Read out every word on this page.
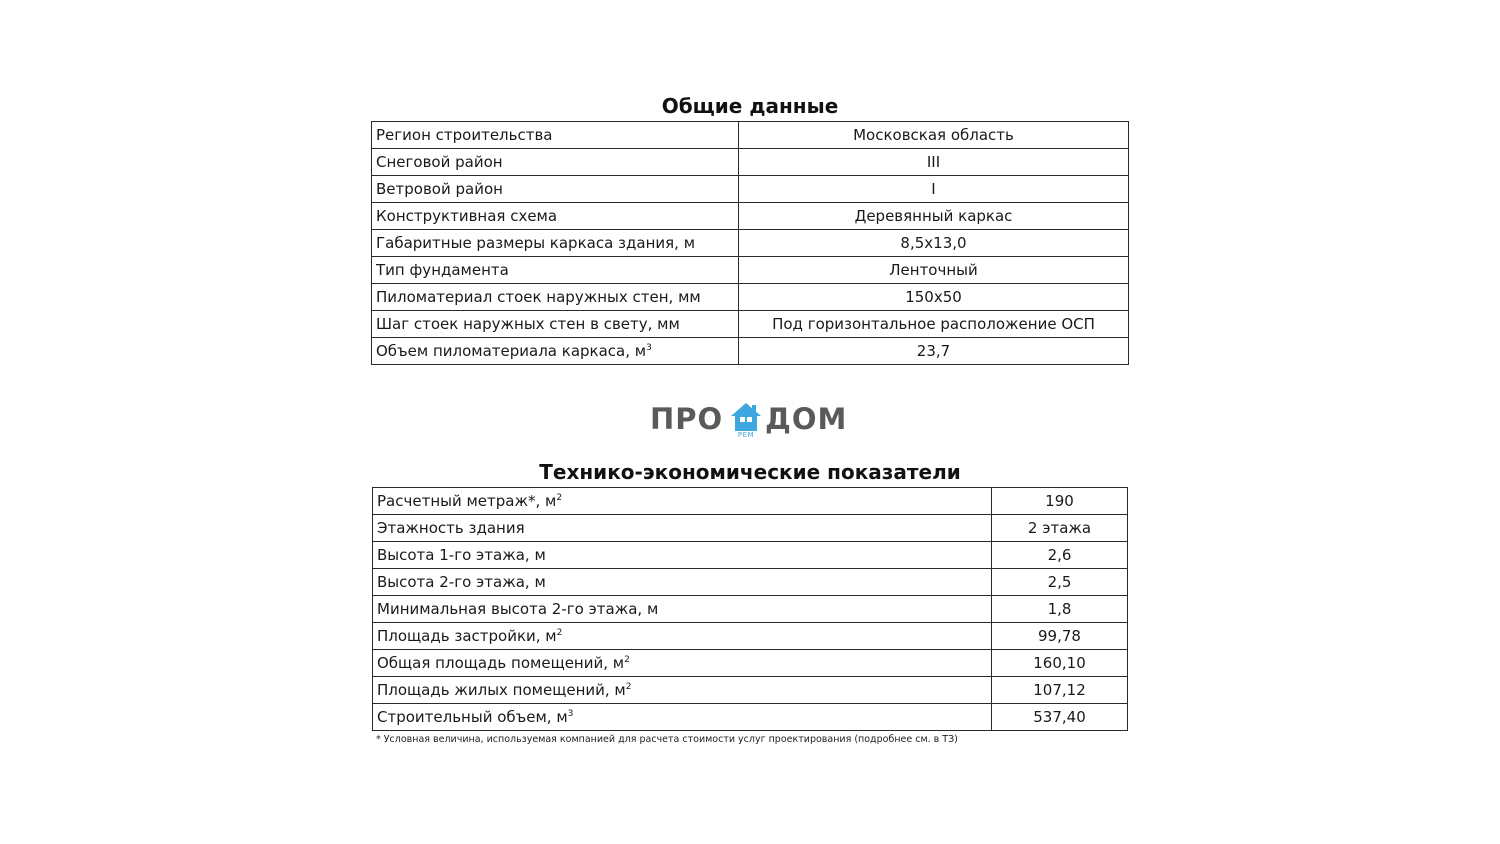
Общие данные
Регион строительства	Московская область
Снеговой район	III
Ветровой район	I
Конструктивная схема	Деревянный каркас
Габаритные размеры каркаса здания, м	8,5x13,0
Тип фундамента	Ленточный
Пиломатериал стоек наружных стен, мм	150x50
Шаг стоек наружных стен в свету, мм	Под горизонтальное расположение ОСП
Объем пиломатериала каркаса, $м^3$	23,7
ПРО	РЕМ ДОМ
Технико-экономические показатели
Расчетный метраж*, $м^2$	190
Этажность здания	2 этажа
Высота 1-го этажа, м	2,6
Высота 2-го этажа, м	2,5
Минимальная высота 2-го этажа, м	1,8
Площадь застройки, $м^2$	99,78
Общая площадь помещений, $м^2$	160,10
Площадь жилых помещений, $м^2$	107,12
Строительный объем, $м^3$	537,40
* Условная величина, используемая компанией для расчета стоимости услуг проектирования (подробнее см. в ТЗ)
